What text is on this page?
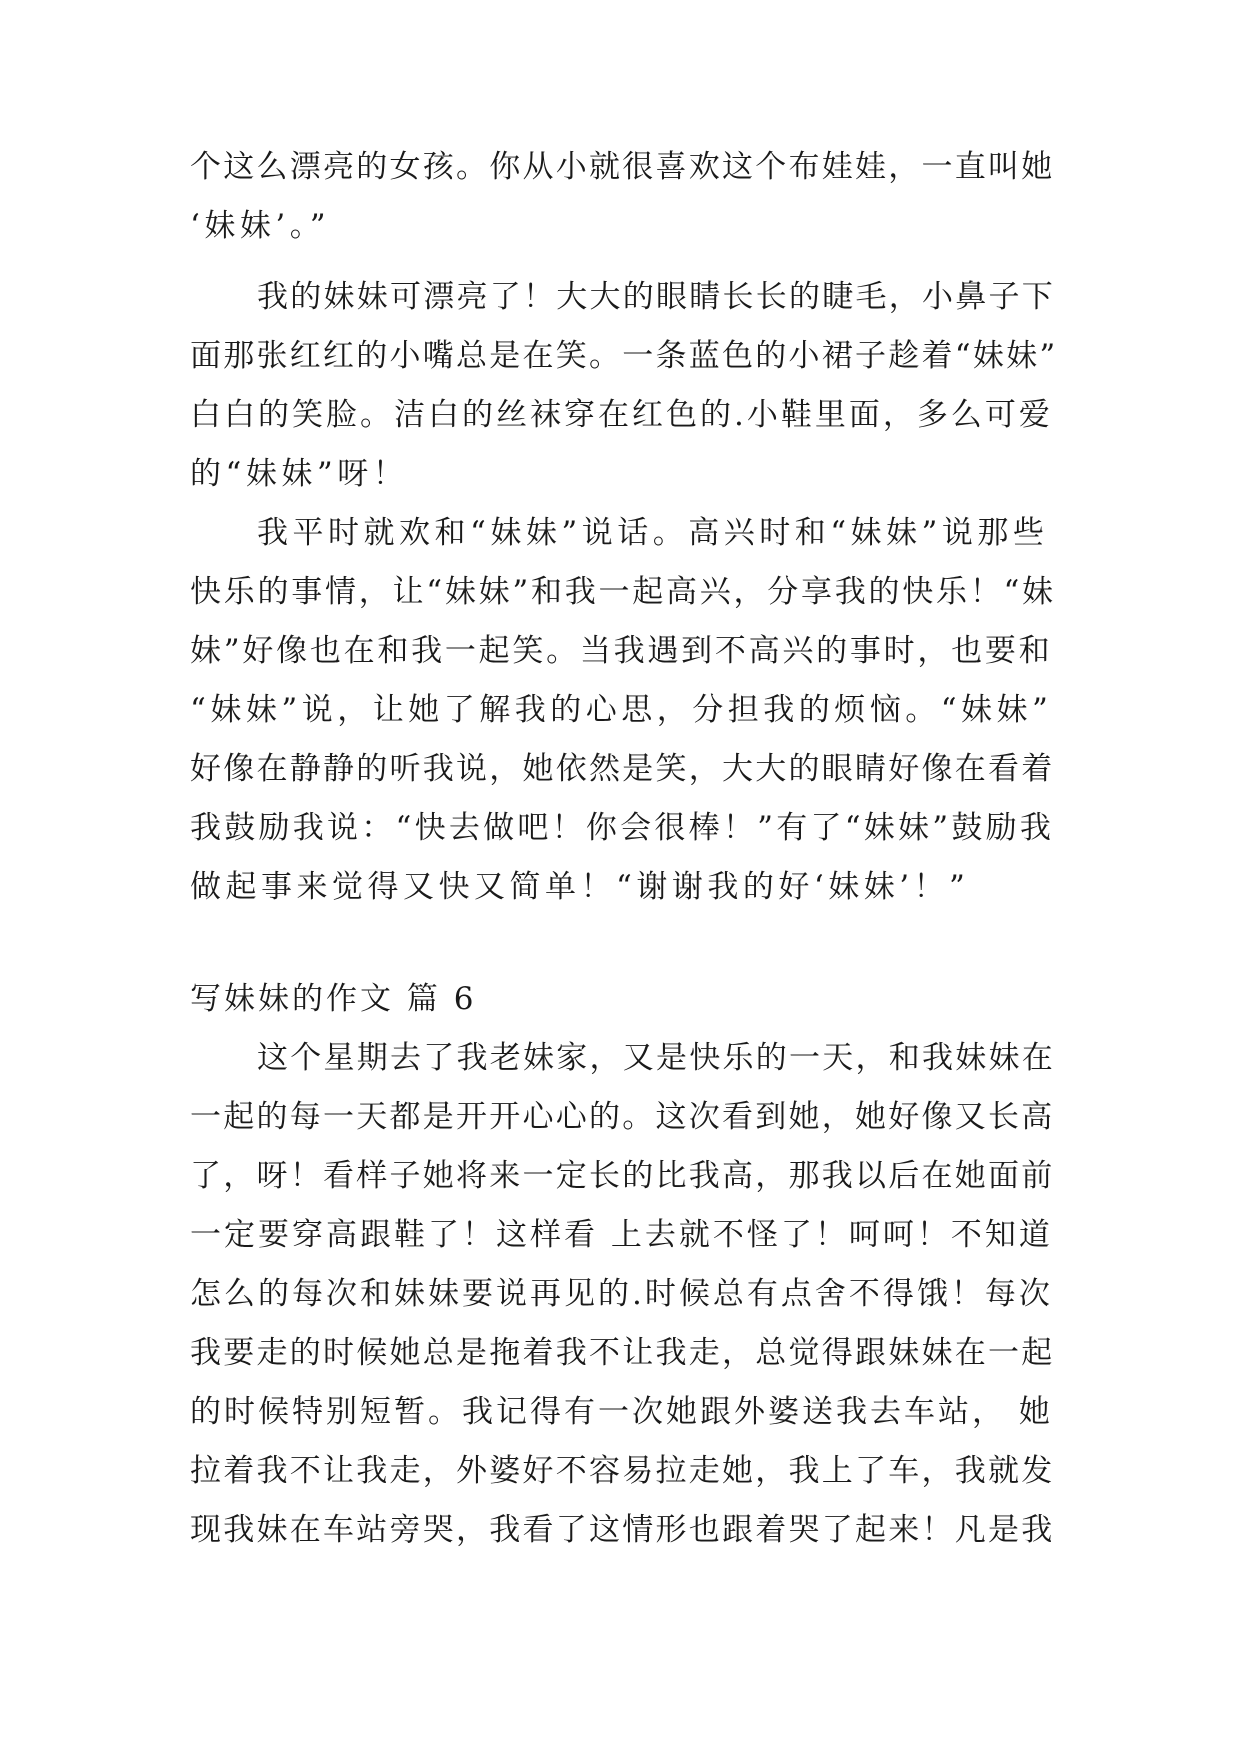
个这么漂亮的女孩。你从小就很喜欢这个布娃娃，一直叫她
‘妹妹’。”
我的妹妹可漂亮了！大大的眼睛长长的睫毛，小鼻子下
面那张红红的小嘴总是在笑。一条蓝色的小裙子趁着“妹妹”
白白的笑脸。洁白的丝袜穿在红色的.小鞋里面，多么可爱
的“妹妹”呀！
我平时就欢和“妹妹”说话。高兴时和“妹妹”说那些
快乐的事情，让“妹妹”和我一起高兴，分享我的快乐！“妹
妹”好像也在和我一起笑。当我遇到不高兴的事时，也要和
“妹妹”说，让她了解我的心思，分担我的烦恼。“妹妹”
好像在静静的听我说，她依然是笑，大大的眼睛好像在看着
我鼓励我说：“快去做吧！你会很棒！”有了“妹妹”鼓励我
做起事来觉得又快又简单！“谢谢我的好‘妹妹’！”
写妹妹的作文 篇 6
这个星期去了我老妹家，又是快乐的一天，和我妹妹在
一起的每一天都是开开心心的。这次看到她，她好像又长高
了，呀！看样子她将来一定长的比我高，那我以后在她面前
一定要穿高跟鞋了！这样看 上去就不怪了！呵呵！不知道
怎么的每次和妹妹要说再见的.时候总有点舍不得饿！每次
我要走的时候她总是拖着我不让我走，总觉得跟妹妹在一起
的时候特别短暂。我记得有一次她跟外婆送我去车站， 她
拉着我不让我走，外婆好不容易拉走她，我上了车，我就发
现我妹在车站旁哭，我看了这情形也跟着哭了起来！凡是我
